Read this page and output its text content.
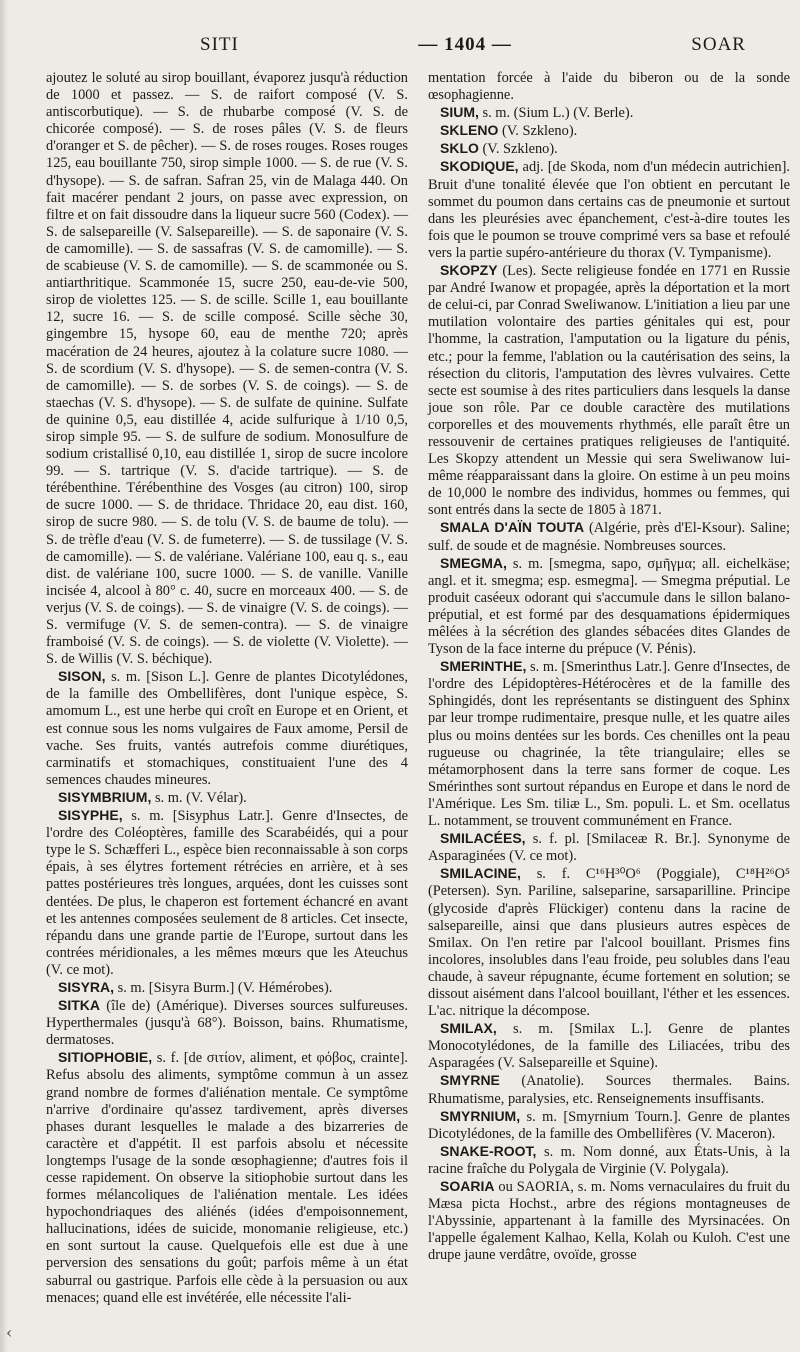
SITI	— 1404 —	SOAR

ajoutez le soluté au sirop bouillant, évaporez jusqu'à réduction de 1000 et passez. — S. de raifort composé (V. S. antiscorbutique). — S. de rhubarbe composé (V. S. de chicorée composé). — S. de roses pâles (V. S. de fleurs d'oranger et S. de pêcher). — S. de roses rouges. Roses rouges 125, eau bouillante 750, sirop simple 1000. — S. de rue (V. S. d'hysope). — S. de safran. Safran 25, vin de Malaga 440. On fait macérer pendant 2 jours, on passe avec expression, on filtre et on fait dissoudre dans la liqueur sucre 560 (Codex). — S. de salsepareille (V. Salsepareille). — S. de saponaire (V. S. de camomille). — S. de sassafras (V. S. de camomille). — S. de scabieuse (V. S. de camomille). — S. de scammonée ou S. antiarthritique. Scammonée 15, sucre 250, eau-de-vie 500, sirop de violettes 125. — S. de scille. Scille 1, eau bouillante 12, sucre 16. — S. de scille composé. Scille sèche 30, gingembre 15, hysope 60, eau de menthe 720; après macération de 24 heures, ajoutez à la colature sucre 1080. — S. de scordium (V. S. d'hysope). — S. de semen-contra (V. S. de camomille). — S. de sorbes (V. S. de coings). — S. de staechas (V. S. d'hysope). — S. de sulfate de quinine. Sulfate de quinine 0,5, eau distillée 4, acide sulfurique à 1/10 0,5, sirop simple 95. — S. de sulfure de sodium. Monosulfure de sodium cristallisé 0,10, eau distillée 1, sirop de sucre incolore 99. — S. tartrique (V. S. d'acide tartrique). — S. de térébenthine. Térébenthine des Vosges (au citron) 100, sirop de sucre 1000. — S. de thridace. Thridace 20, eau dist. 160, sirop de sucre 980. — S. de tolu (V. S. de baume de tolu). — S. de trèfle d'eau (V. S. de fumeterre). — S. de tussilage (V. S. de camomille). — S. de valériane. Valériane 100, eau q. s., eau dist. de valériane 100, sucre 1000. — S. de vanille. Vanille incisée 4, alcool à 80° c. 40, sucre en morceaux 400. — S. de verjus (V. S. de coings). — S. de vinaigre (V. S. de coings). — S. vermifuge (V. S. de semen-contra). — S. de vinaigre framboisé (V. S. de coings). — S. de violette (V. Violette). — S. de Willis (V. S. béchique).

SISON, s. m. [Sison L.]. Genre de plantes Dicotylédones, de la famille des Ombellifères, dont l'unique espèce, S. amomum L., est une herbe qui croît en Europe et en Orient, et est connue sous les noms vulgaires de Faux amome, Persil de vache. Ses fruits, vantés autrefois comme diurétiques, carminatifs et stomachiques, constituaient l'une des 4 semences chaudes mineures.

SISYMBRIUM, s. m. (V. Vélar).

SISYPHE, s. m. [Sisyphus Latr.]. Genre d'Insectes, de l'ordre des Coléoptères, famille des Scarabéidés, qui a pour type le S. Schæfferi L., espèce bien reconnaissable à son corps épais, à ses élytres fortement rétrécies en arrière, et à ses pattes postérieures très longues, arquées, dont les cuisses sont dentées. De plus, le chaperon est fortement échancré en avant et les antennes composées seulement de 8 articles. Cet insecte, répandu dans une grande partie de l'Europe, surtout dans les contrées méridionales, a les mêmes mœurs que les Ateuchus (V. ce mot).

SISYRA, s. m. [Sisyra Burm.] (V. Hémérobes).

SITKA (île de) (Amérique). Diverses sources sulfureuses. Hyperthermales (jusqu'à 68°). Boisson, bains. Rhumatisme, dermatoses.

SITIOPHOBIE, s. f. [de σιτίον, aliment, et φόβος, crainte]. Refus absolu des aliments, symptôme commun à un assez grand nombre de formes d'aliénation mentale. Ce symptôme n'arrive d'ordinaire qu'assez tardivement, après diverses phases durant lesquelles le malade a des bizarreries de caractère et d'appétit. Il est parfois absolu et nécessite longtemps l'usage de la sonde œsophagienne; d'autres fois il cesse rapidement. On observe la sitiophobie surtout dans les formes mélancoliques de l'aliénation mentale. Les idées hypochondriaques des aliénés (idées d'empoisonnement, hallucinations, idées de suicide, monomanie religieuse, etc.) en sont surtout la cause. Quelquefois elle est due à une perversion des sensations du goût; parfois même à un état saburral ou gastrique. Parfois elle cède à la persuasion ou aux menaces; quand elle est invétérée, elle nécessite l'ali-

mentation forcée à l'aide du biberon ou de la sonde œsophagienne.

SIUM, s. m. (Sium L.) (V. Berle).

SKLENO (V. Szkleno).

SKLO (V. Szkleno).

SKODIQUE, adj. [de Skoda, nom d'un médecin autrichien]. Bruit d'une tonalité élevée que l'on obtient en percutant le sommet du poumon dans certains cas de pneumonie et surtout dans les pleurésies avec épanchement, c'est-à-dire toutes les fois que le poumon se trouve comprimé vers sa base et refoulé vers la partie supéro-antérieure du thorax (V. Tympanisme).

SKOPZY (Les). Secte religieuse fondée en 1771 en Russie par André Iwanow et propagée, après la déportation et la mort de celui-ci, par Conrad Sweliwanow. L'initiation a lieu par une mutilation volontaire des parties génitales qui est, pour l'homme, la castration, l'amputation ou la ligature du pénis, etc.; pour la femme, l'ablation ou la cautérisation des seins, la résection du clitoris, l'amputation des lèvres vulvaires. Cette secte est soumise à des rites particuliers dans lesquels la danse joue son rôle. Par ce double caractère des mutilations corporelles et des mouvements rhythmés, elle paraît être un ressouvenir de certaines pratiques religieuses de l'antiquité. Les Skopzy attendent un Messie qui sera Sweliwanow lui-même réapparaissant dans la gloire. On estime à un peu moins de 10,000 le nombre des individus, hommes ou femmes, qui sont entrés dans la secte de 1805 à 1871.

SMALA D'AÏN TOUTA (Algérie, près d'El-Ksour). Saline; sulf. de soude et de magnésie. Nombreuses sources.

SMEGMA, s. m. [smegma, sapo, σμῆγμα; all. eichelkäse; angl. et it. smegma; esp. esmegma]. — Smegma préputial. Le produit caséeux odorant qui s'accumule dans le sillon balano-préputial, et est formé par des desquamations épidermiques mêlées à la sécrétion des glandes sébacées dites Glandes de Tyson de la face interne du prépuce (V. Pénis).

SMERINTHE, s. m. [Smerinthus Latr.]. Genre d'Insectes, de l'ordre des Lépidoptères-Hétérocères et de la famille des Sphingidés, dont les représentants se distinguent des Sphinx par leur trompe rudimentaire, presque nulle, et les quatre ailes plus ou moins dentées sur les bords. Ces chenilles ont la peau rugueuse ou chagrinée, la tête triangulaire; elles se métamorphosent dans la terre sans former de coque. Les Smérinthes sont surtout répandus en Europe et dans le nord de l'Amérique. Les Sm. tiliæ L., Sm. populi. L. et Sm. ocellatus L. notamment, se trouvent communément en France.

SMILACÉES, s. f. pl. [Smilaceæ R. Br.]. Synonyme de Asparaginées (V. ce mot).

SMILACINE, s. f. C¹⁶H³⁰O⁶ (Poggiale), C¹⁸H²⁶O⁵ (Petersen). Syn. Pariline, salseparine, sarsaparilline. Principe (glycoside d'après Flückiger) contenu dans la racine de salsepareille, ainsi que dans plusieurs autres espèces de Smilax. On l'en retire par l'alcool bouillant. Prismes fins incolores, insolubles dans l'eau froide, peu solubles dans l'eau chaude, à saveur répugnante, écume fortement en solution; se dissout aisément dans l'alcool bouillant, l'éther et les essences. L'ac. nitrique la décompose.

SMILAX, s. m. [Smilax L.]. Genre de plantes Monocotylédones, de la famille des Liliacées, tribu des Asparagées (V. Salsepareille et Squine).

SMYRNE (Anatolie). Sources thermales. Bains. Rhumatisme, paralysies, etc. Renseignements insuffisants.

SMYRNIUM, s. m. [Smyrnium Tourn.]. Genre de plantes Dicotylédones, de la famille des Ombellifères (V. Maceron).

SNAKE-ROOT, s. m. Nom donné, aux États-Unis, à la racine fraîche du Polygala de Virginie (V. Polygala).

SOARIA ou SAORIA, s. m. Noms vernaculaires du fruit du Mæsa picta Hochst., arbre des régions montagneuses de l'Abyssinie, appartenant à la famille des Myrsinacées. On l'appelle également Kalhao, Kella, Kolah ou Kuloh. C'est une drupe jaune verdâtre, ovoïde, grosse

‹
